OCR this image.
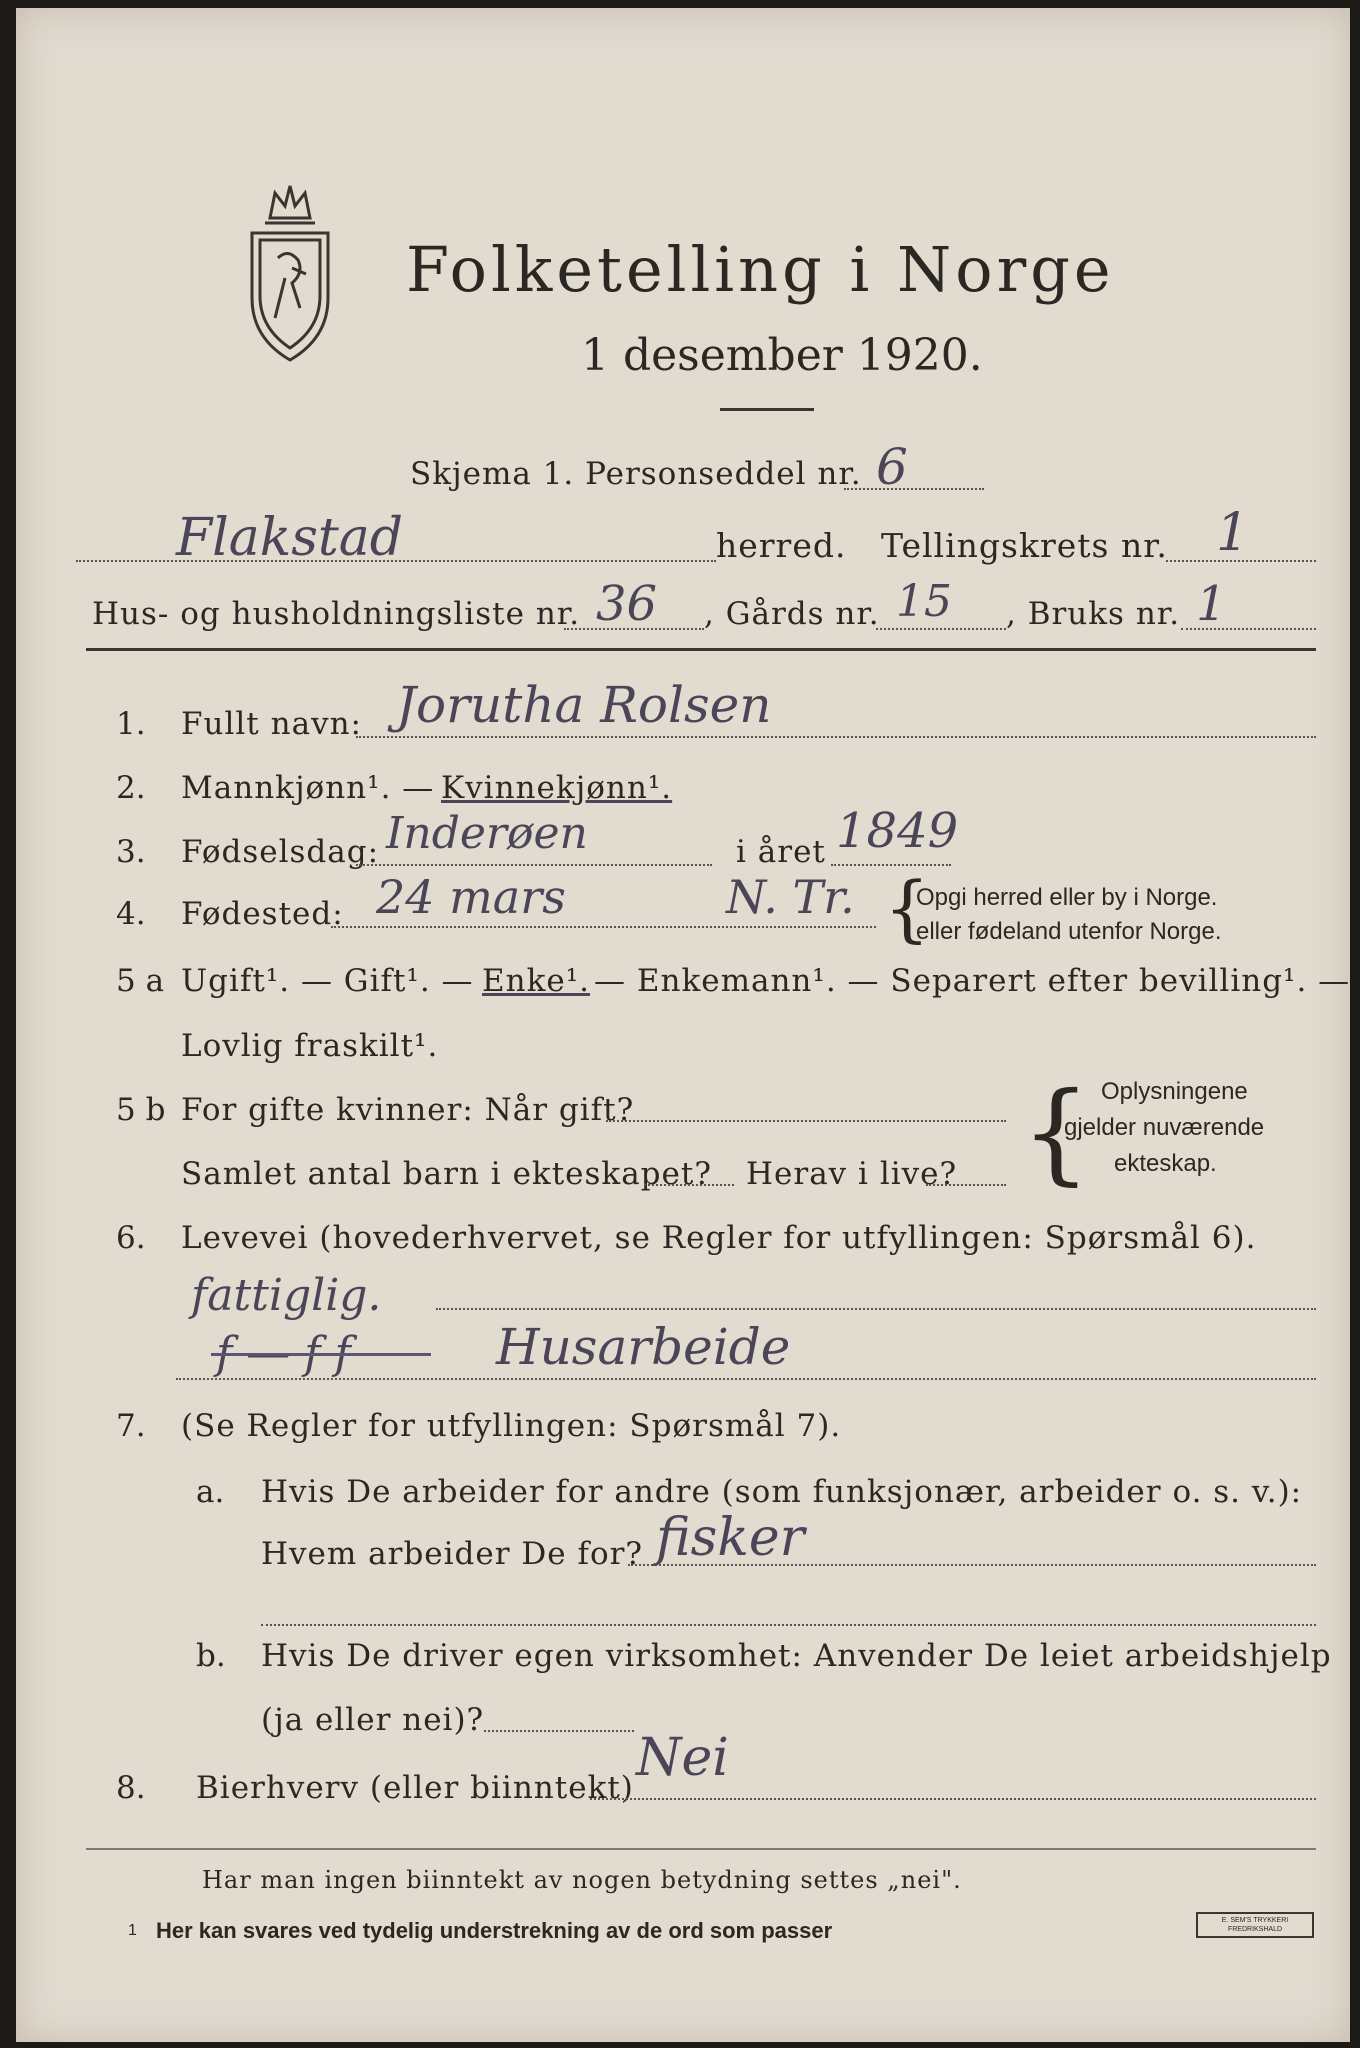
Folketelling i Norge
1 desember 1920.
Skjema 1. Personseddel nr. 6
Flakstad	herred. Tellingskrets nr. 1
Hus- og husholdningsliste nr. 36 , Gårds nr. 15 , Bruks nr. 1
1. Fullt navn: Jorutha Rolsen
2. Mannkjønn¹. — Kvinnekjønn¹.
3. Fødselsdag: Inderøen	i året 1849
4. Fødested: 24 mars	N. Tr. {
Opgi herred eller by i Norge.
eller fødeland utenfor Norge.
5 a Ugift¹. — Gift¹. — Enke¹. — Enkemann¹. — Separert efter bevilling¹. —
Lovlig fraskilt¹.
5 b For gifte kvinner: Når gift?
Samlet antal barn i ekteskapet? Herav i live? { Oplysningene
gjelder nuværende
ekteskap.
6. Levevei (hovederhvervet, se Regler for utfyllingen: Spørsmål 6).
fattiglig.
f — f f	Husarbeide
7. (Se Regler for utfyllingen: Spørsmål 7).
a. Hvis De arbeider for andre (som funksjonær, arbeider o. s. v.):
Hvem arbeider De for? fisker
b. Hvis De driver egen virksomhet: Anvender De leiet arbeidshjelp
(ja eller nei)?
8. Bierhverv (eller biinntekt) Nei
Har man ingen biinntekt av nogen betydning settes „nei".
1 Her kan svares ved tydelig understrekning av de ord som passer	E. SEM'S TRYKKERI FREDRIKSHALD
